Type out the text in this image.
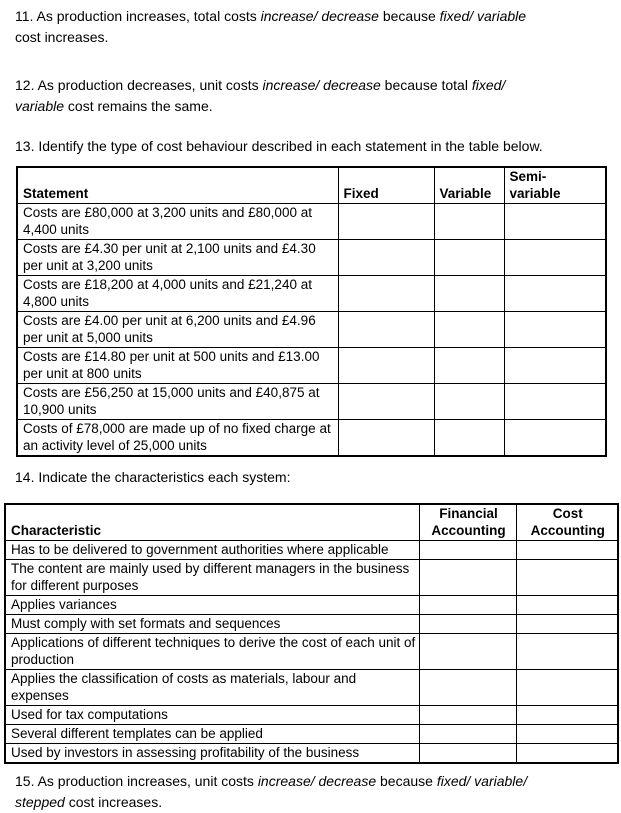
11. As production increases, total costs increase/ decrease because fixed/ variable
cost increases.
12. As production decreases, unit costs increase/ decrease because total fixed/
variable cost remains the same.
13. Identify the type of cost behaviour described in each statement in the table below.
Statement	Fixed	Variable	Semi-variable
Costs are £80,000 at 3,200 units and £80,000 at 4,400 units			
Costs are £4.30 per unit at 2,100 units and £4.30 per unit at 3,200 units			
Costs are £18,200 at 4,000 units and £21,240 at 4,800 units			
Costs are £4.00 per unit at 6,200 units and £4.96 per unit at 5,000 units			
Costs are £14.80 per unit at 500 units and £13.00 per unit at 800 units			
Costs are £56,250 at 15,000 units and £40,875 at 10,900 units			
Costs of £78,000 are made up of no fixed charge at an activity level of 25,000 units			
14. Indicate the characteristics each system:
Characteristic	Financial Accounting	Cost Accounting
Has to be delivered to government authorities where applicable		
The content are mainly used by different managers in the business for different purposes		
Applies variances		
Must comply with set formats and sequences		
Applications of different techniques to derive the cost of each unit of production		
Applies the classification of costs as materials, labour and expenses		
Used for tax computations		
Several different templates can be applied		
Used by investors in assessing profitability of the business		
15. As production increases, unit costs increase/ decrease because fixed/ variable/
stepped cost increases.
